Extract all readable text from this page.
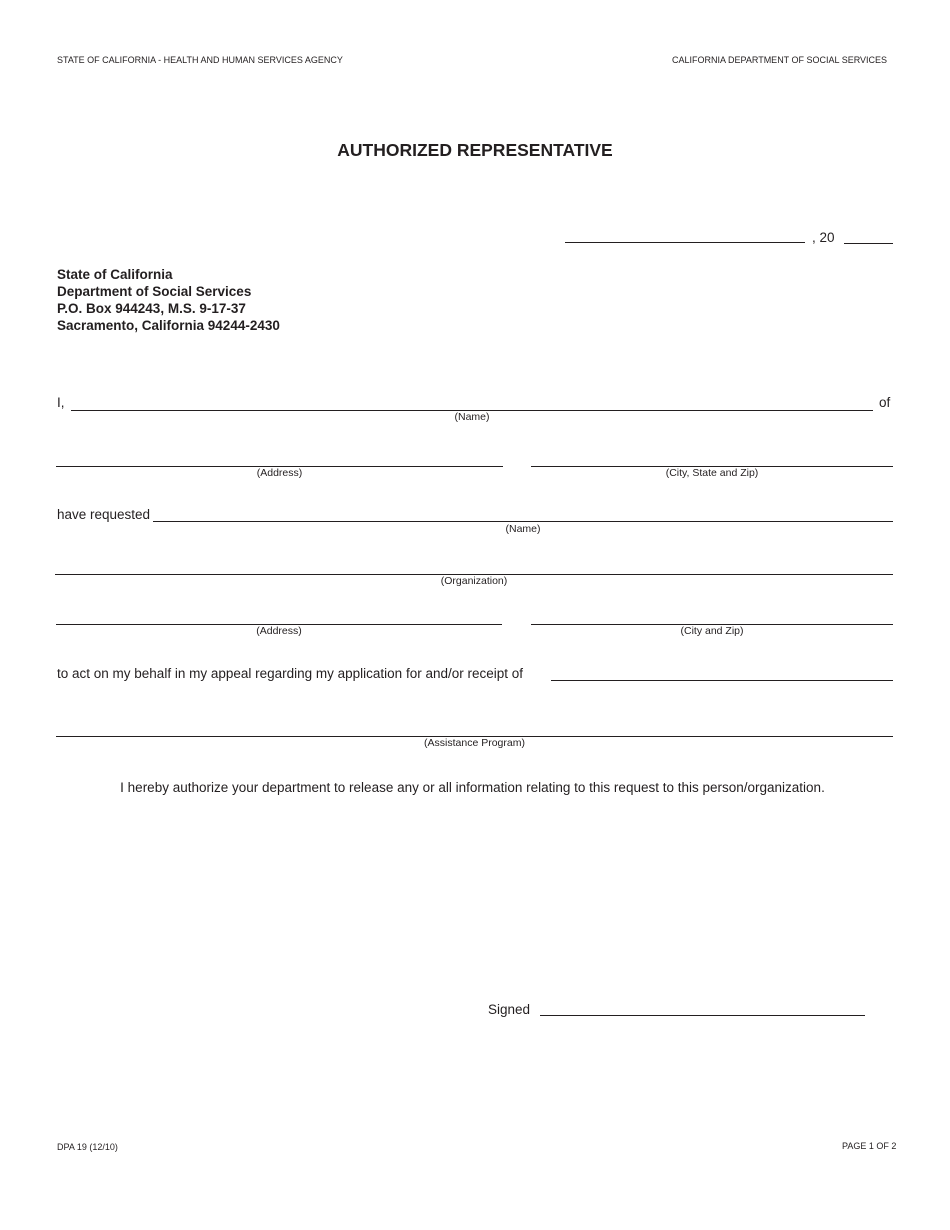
STATE OF CALIFORNIA - HEALTH AND HUMAN SERVICES AGENCY	CALIFORNIA DEPARTMENT OF SOCIAL SERVICES
AUTHORIZED REPRESENTATIVE
, 20
State of California
Department of Social Services
P.O. Box 944243, M.S. 9-17-37
Sacramento, California 94244-2430
I,	of
(Name)
(Address)	(City, State and Zip)
have requested
(Name)
(Organization)
(Address)	(City and Zip)
to act on my behalf in my appeal regarding my application for and/or receipt of
(Assistance Program)
I hereby authorize your department to release any or all information relating to this request to this person/organization.
Signed
DPA 19 (12/10)	PAGE 1 OF 2
